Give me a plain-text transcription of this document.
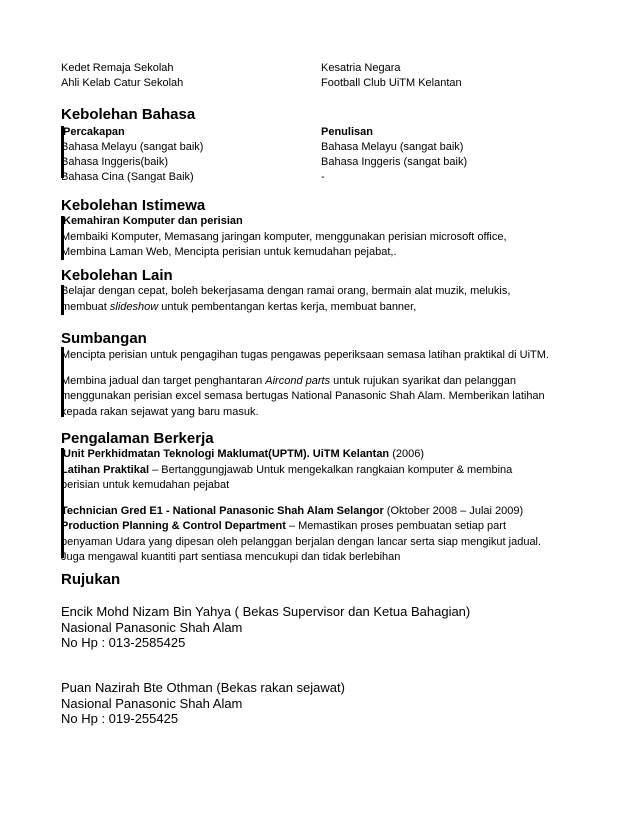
Kedet Remaja Sekolah	Kesatria Negara
Ahli Kelab Catur Sekolah	Football Club UiTM Kelantan
Kebolehan Bahasa
Percakapan	Penulisan
Bahasa Melayu (sangat baik)	Bahasa Melayu (sangat baik)
Bahasa Inggeris(baik)	Bahasa Inggeris (sangat baik)
Bahasa Cina (Sangat Baik)	-
Kebolehan Istimewa
Kemahiran Komputer dan perisian
Membaiki Komputer, Memasang jaringan komputer, menggunakan perisian microsoft office,
Membina Laman Web, Mencipta perisian untuk kemudahan pejabat,.
Kebolehan Lain
Belajar dengan cepat, boleh bekerjasama dengan ramai orang, bermain alat muzik, melukis,
membuat slideshow untuk pembentangan kertas kerja, membuat banner,
Sumbangan
Mencipta perisian untuk pengagihan tugas pengawas peperiksaan semasa latihan praktikal di UiTM.
Membina jadual dan target penghantaran Aircond parts untuk rujukan syarikat dan pelanggan
menggunakan perisian excel semasa bertugas National Panasonic Shah Alam. Memberikan latihan
kepada rakan sejawat yang baru masuk.
Pengalaman Berkerja
Unit Perkhidmatan Teknologi Maklumat(UPTM). UiTM Kelantan (2006)
Latihan Praktikal – Bertanggungjawab Untuk mengekalkan rangkaian komputer & membina
perisian untuk kemudahan pejabat
Technician Gred E1 - National Panasonic Shah Alam Selangor (Oktober 2008 – Julai 2009)
Production Planning & Control Department – Memastikan proses pembuatan setiap part
penyaman Udara yang dipesan oleh pelanggan berjalan dengan lancar serta siap mengikut jadual.
Juga mengawal kuantiti part sentiasa mencukupi dan tidak berlebihan
Rujukan
Encik Mohd Nizam Bin Yahya ( Bekas Supervisor dan Ketua Bahagian)
Nasional Panasonic Shah Alam
No Hp : 013-2585425
Puan Nazirah Bte Othman (Bekas rakan sejawat)
Nasional Panasonic Shah Alam
No Hp : 019-255425
